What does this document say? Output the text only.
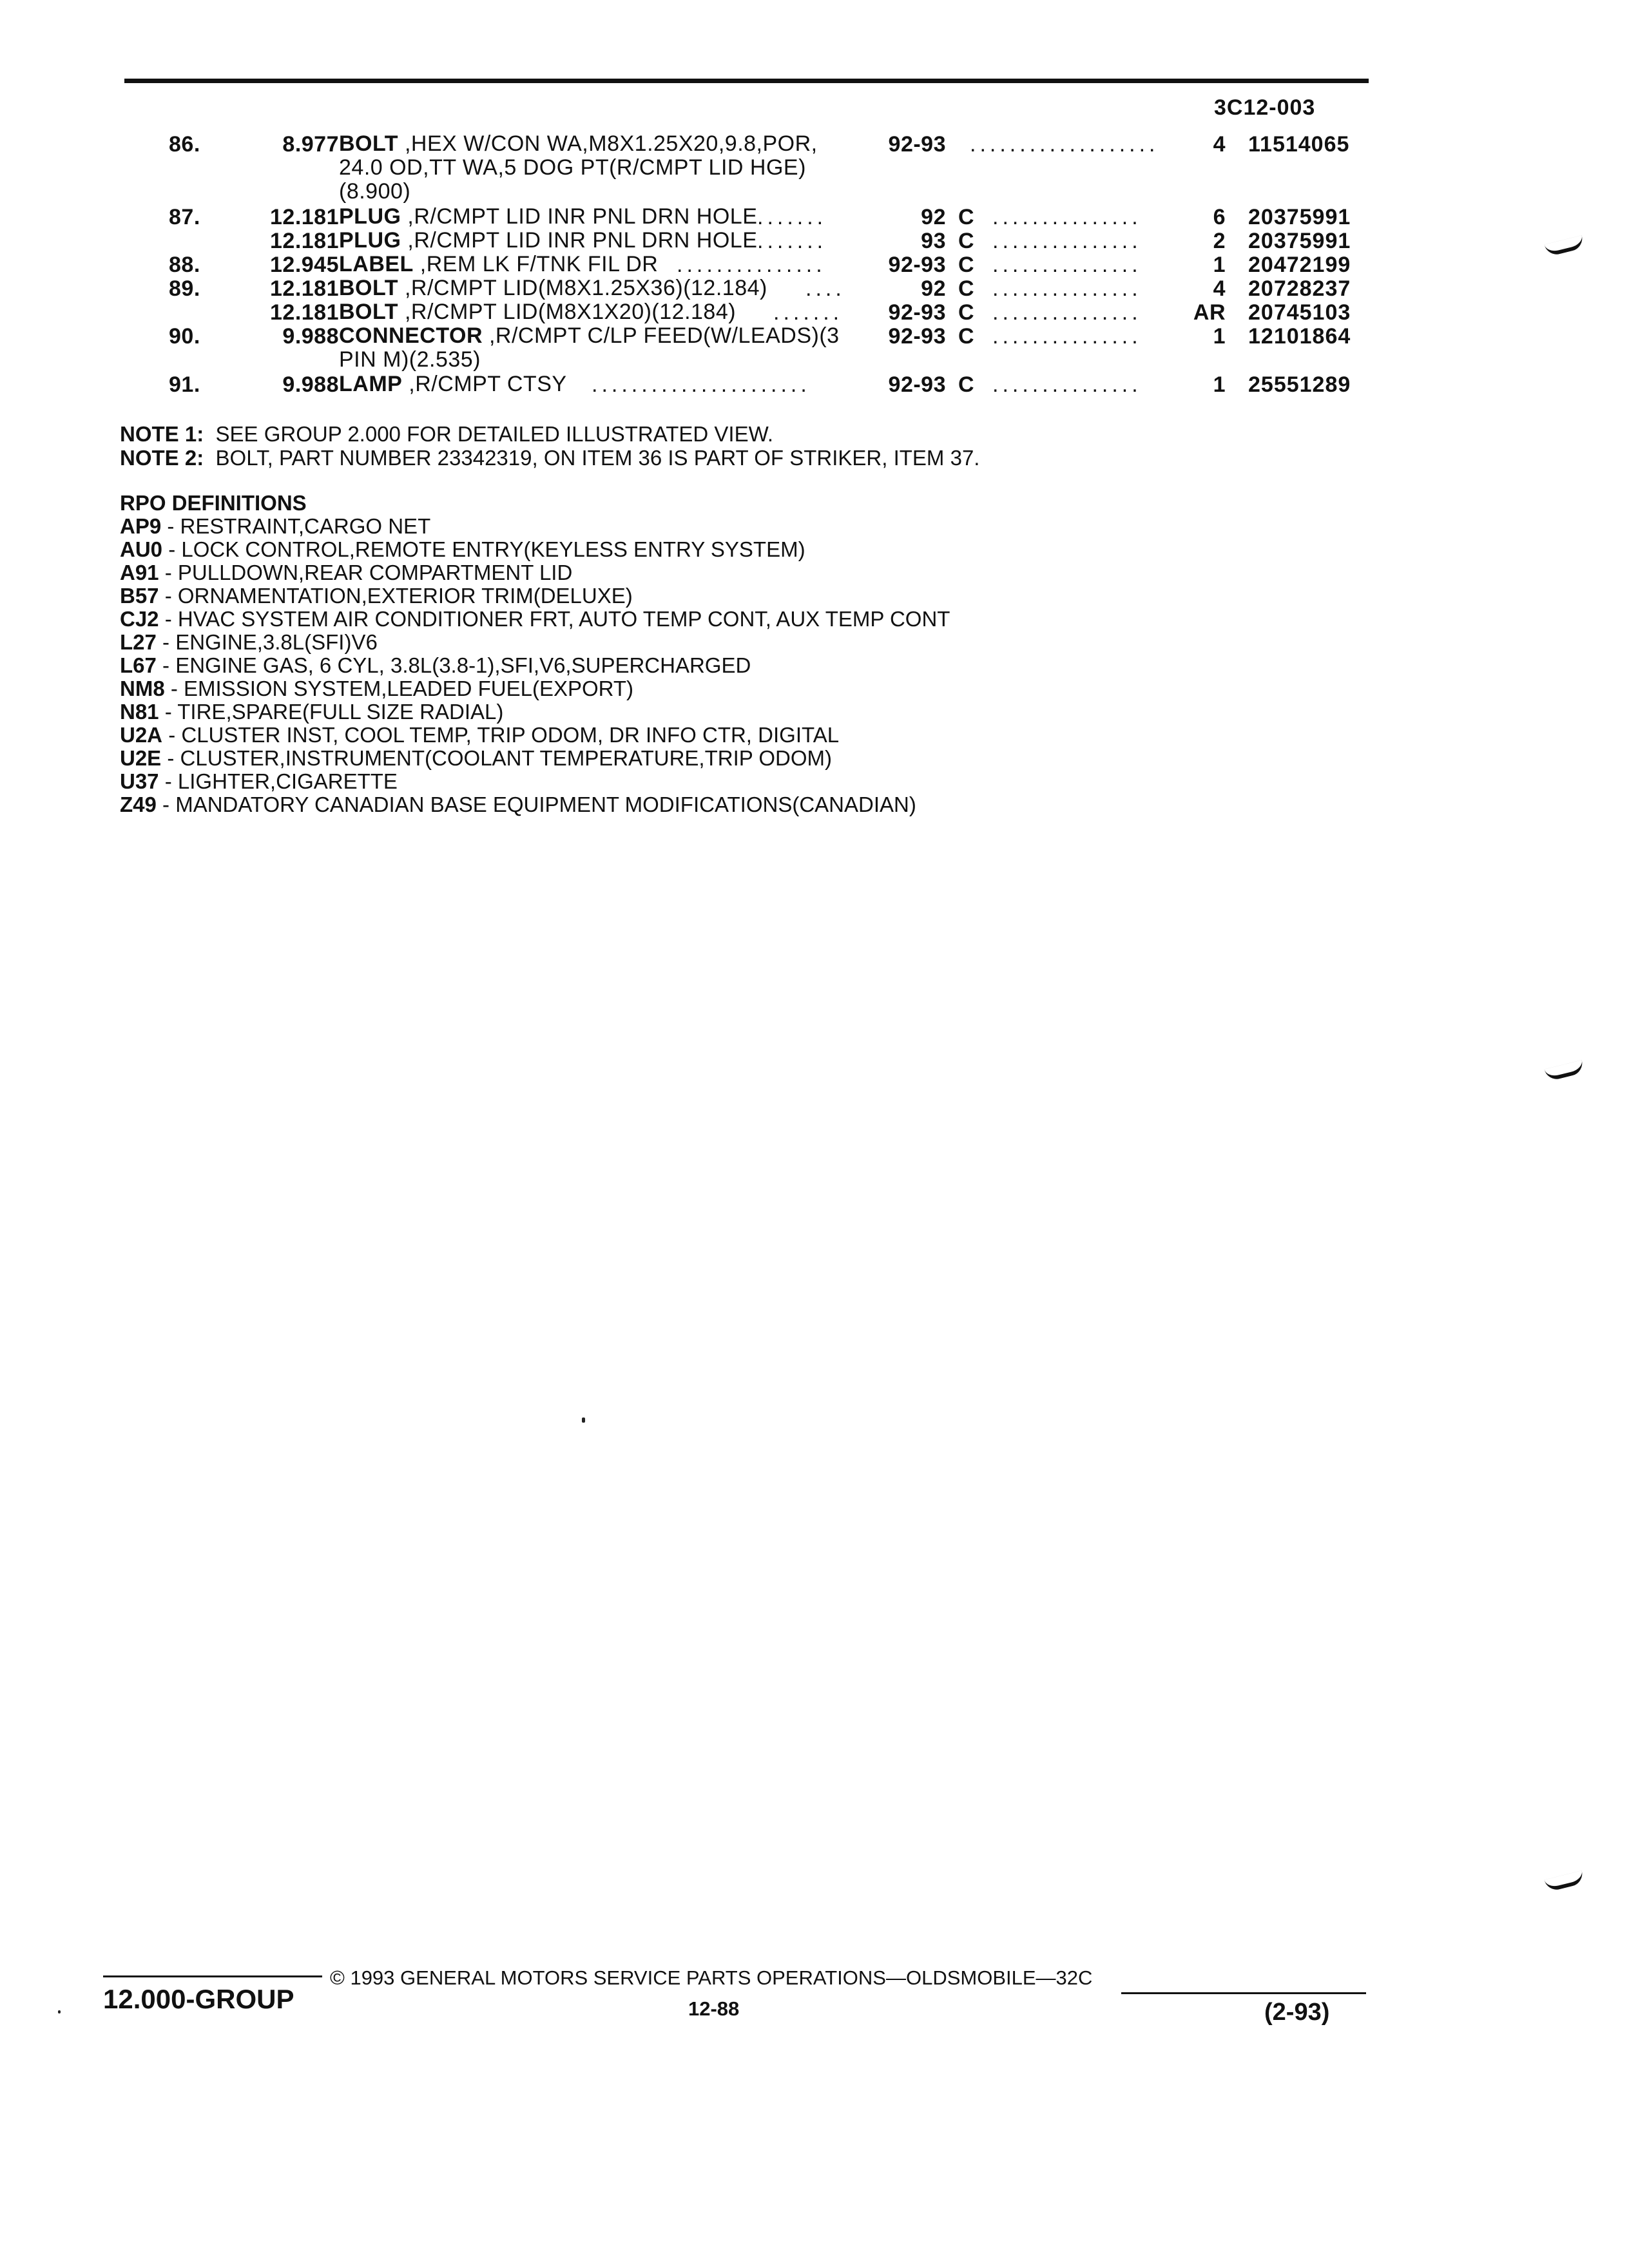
3C12-003
86.	8.977 BOLT ,HEX W/CON WA,M8X1.25X20,9.8,POR,
24.0 OD,TT WA,5 DOG PT(R/CMPT LID HGE)
(8.900)
92-93 ...................	4 11514065
87.	12.181 PLUG ,R/CMPT LID INR PNL DRN HOLE .......	92 C ...............	6 20375991
12.181 PLUG ,R/CMPT LID INR PNL DRN HOLE .......	93 C ...............	2 20375991
88.	12.945 LABEL ,REM LK F/TNK FIL DR ...............	92-93 C ...............	1 20472199
89.	12.181 BOLT ,R/CMPT LID(M8X1.25X36)(12.184)	....	92 C ...............	4 20728237
12.181 BOLT ,R/CMPT LID(M8X1X20)(12.184)	.......	92-93 C ...............	AR 20745103
90.	9.988 CONNECTOR ,R/CMPT C/LP FEED(W/LEADS)(3
PIN M)(2.535)
92-93 C ...............	1 12101864
91.	9.988 LAMP ,R/CMPT CTSY	......................	92-93 C ...............	1 25551289
NOTE 1: SEE GROUP 2.000 FOR DETAILED ILLUSTRATED VIEW.
NOTE 2: BOLT, PART NUMBER 23342319, ON ITEM 36 IS PART OF STRIKER, ITEM 37.
RPO DEFINITIONS
AP9 - RESTRAINT,CARGO NET
AU0 - LOCK CONTROL,REMOTE ENTRY(KEYLESS ENTRY SYSTEM)
A91 - PULLDOWN,REAR COMPARTMENT LID
B57 - ORNAMENTATION,EXTERIOR TRIM(DELUXE)
CJ2 - HVAC SYSTEM AIR CONDITIONER FRT, AUTO TEMP CONT, AUX TEMP CONT
L27 - ENGINE,3.8L(SFI)V6
L67 - ENGINE GAS, 6 CYL, 3.8L(3.8-1),SFI,V6,SUPERCHARGED
NM8 - EMISSION SYSTEM,LEADED FUEL(EXPORT)
N81 - TIRE,SPARE(FULL SIZE RADIAL)
U2A - CLUSTER INST, COOL TEMP, TRIP ODOM, DR INFO CTR, DIGITAL
U2E - CLUSTER,INSTRUMENT(COOLANT TEMPERATURE,TRIP ODOM)
U37 - LIGHTER,CIGARETTE
Z49 - MANDATORY CANADIAN BASE EQUIPMENT MODIFICATIONS(CANADIAN)
12.000-GROUP
© 1993 GENERAL MOTORS SERVICE PARTS OPERATIONS—OLDSMOBILE—32C
12-88	(2-93)
